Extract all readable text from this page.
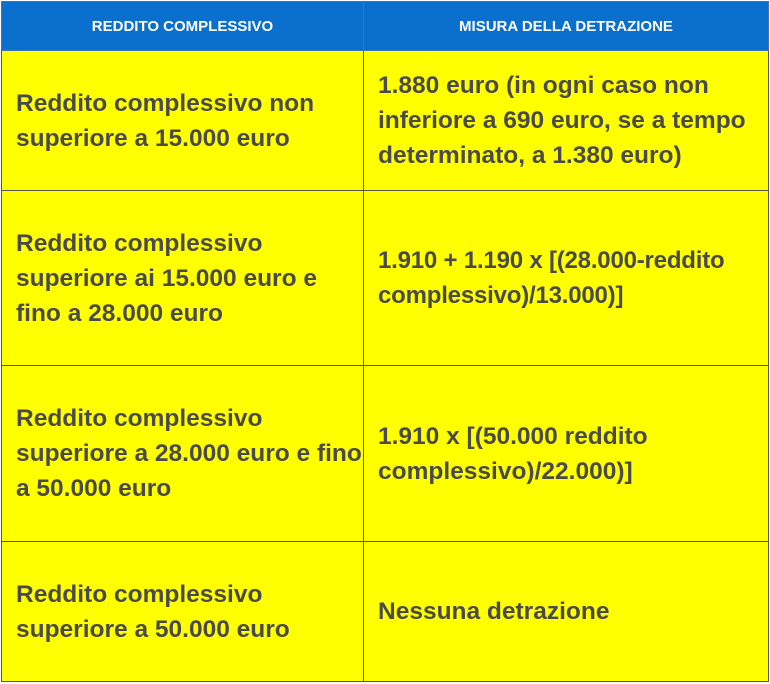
REDDITO COMPLESSIVO	MISURA DELLA DETRAZIONE

Reddito complessivo non superiore a 15.000 euro	1.880 euro (in ogni caso non inferiore a 690 euro, se a tempo determinato, a 1.380 euro)

Reddito complessivo superiore ai 15.000 euro e fino a 28.000 euro	1.910 + 1.190 x [(28.000-reddito complessivo)/13.000)]

Reddito complessivo superiore a 28.000 euro e fino a 50.000 euro	1.910 x [(50.000 reddito complessivo)/22.000)]

Reddito complessivo superiore a 50.000 euro	Nessuna detrazione
